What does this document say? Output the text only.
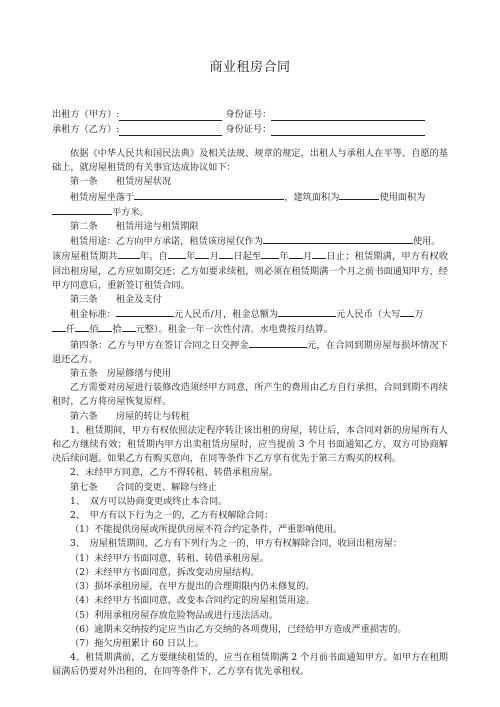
商业租房合同
出租方（甲方）:	身份证号：
承租方（乙方）:	身份证号：

依据《中华人民共和国民法典》及相关法规、规章的规定，出租人与承租人在平等、自愿的基础上，就房屋租赁的有关事宜达成协议如下：

第一条　　租赁房屋状况

租赁房屋坐落于	，建筑面积为	使用面积为
平方米。

第二条　　租赁用途与租赁期限

租赁用途：乙方向甲方承诺，租赁该房屋仅作为	使用。

该房屋租赁期共 年。自 年 月 日起至 年 月 日止；租赁期满，甲方有权收回出租房屋，乙方应如期交还；乙方如要求续租，则必须在租赁期满一个月之前书面通知甲方，经甲方同意后，重新签订租赁合同。

第三条　　租金及支付

租金标准：	元人民币/月，租金总额为	元人民币（大写 万
仟 佰 拾 元整）。租金一年一次性付清。水电费按月结算。

第四条：乙方与甲方在签订合同之日交押金	元，在合同到期房屋每损坏情况下退还乙方。

第五条　房屋修缮与使用

乙方需要对房屋进行装修改造须经甲方同意，所产生的费用由乙方自行承担，合同到期不再续租时，乙方将房屋恢复原样。

第六条　　房屋的转让与转租

1、租赁期间，甲方有权依照法定程序转让该出租的房屋，转让后，本合同对新的房屋所有人和乙方继续有效；租赁期内甲方出卖租赁房屋时，应当提前 3 个月书面通知乙方，双方可协商解决后续问题。如果乙方有购买意向，在同等条件下乙方享有优先于第三方购买的权利。

2、未经甲方同意，乙方不得转租、转借承租房屋。

第七条　　合同的变更、解除与终止

1、　双方可以协商变更或终止本合同。

2、　甲方有以下行为之一的，乙方有权解除合同：

（1）不能提供房屋或所提供房屋不符合约定条件，严重影响使用。

3、　房屋租赁期间，乙方有下列行为之一的，甲方有权解除合同，收回出租房屋：

（1）未经甲方书面同意，转租、转借承租房屋。

（2）未经甲方书面同意，拆改变动房屋结构。

（3）损坏承租房屋，在甲方提出的合理期限内仍未修复的。

（4）未经甲方书面同意，改变本合同约定的房屋租赁用途。

（5）利用承租房屋存放危险物品或进行违法活动。

（6）逾期未交纳按约定应当由乙方交纳的各项费用，已经给甲方造成严重损害的。

（7）拖欠房租累计 60 日以上。

4、租赁期满前，乙方要继续租赁的，应当在租赁期满 2 个月前书面通知甲方。如甲方在租期届满后仍要对外出租的，在同等条件下，乙方享有优先承租权。
